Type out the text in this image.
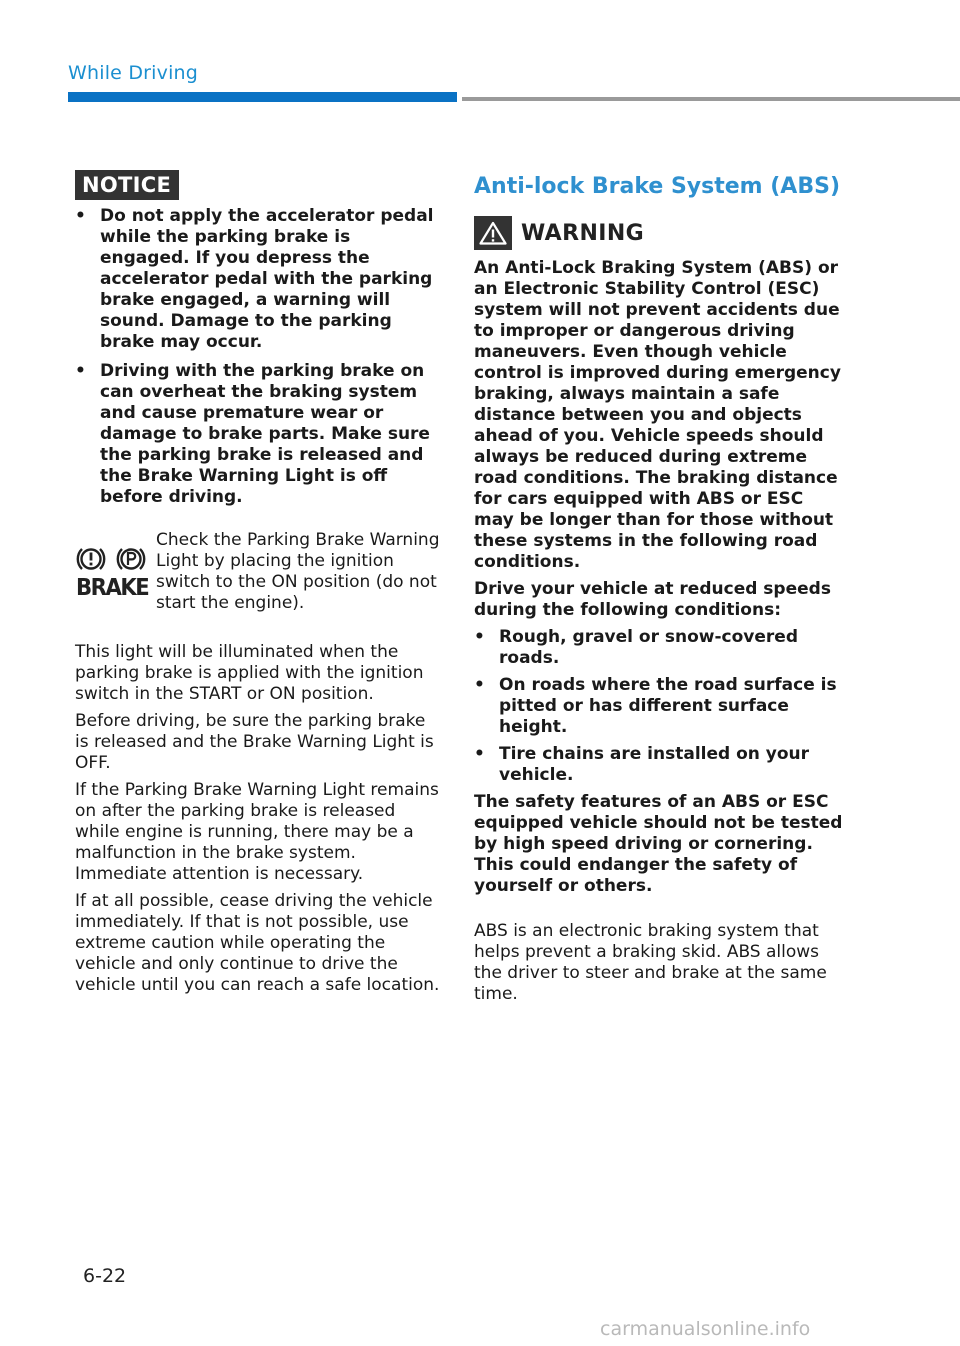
While Driving
NOTICE
• Do not apply the accelerator pedal while the parking brake is engaged. If you depress the accelerator pedal with the parking brake engaged, a warning will sound. Damage to the parking brake may occur.
• Driving with the parking brake on can overheat the braking system and cause premature wear or damage to brake parts. Make sure the parking brake is released and the Brake Warning Light is off before driving.
BRAKE
Check the Parking Brake Warning Light by placing the ignition switch to the ON position (do not start the engine).

This light will be illuminated when the parking brake is applied with the ignition switch in the START or ON position.

Before driving, be sure the parking brake is released and the Brake Warning Light is OFF.

If the Parking Brake Warning Light remains on after the parking brake is released while engine is running, there may be a malfunction in the brake system. Immediate attention is necessary.

If at all possible, cease driving the vehicle immediately. If that is not possible, use extreme caution while operating the vehicle and only continue to drive the vehicle until you can reach a safe location.

Anti-lock Brake System (ABS)
WARNING

An Anti-Lock Braking System (ABS) or an Electronic Stability Control (ESC) system will not prevent accidents due to improper or dangerous driving maneuvers. Even though vehicle control is improved during emergency braking, always maintain a safe distance between you and objects ahead of you. Vehicle speeds should always be reduced during extreme road conditions. The braking distance for cars equipped with ABS or ESC may be longer than for those without these systems in the following road conditions.

Drive your vehicle at reduced speeds during the following conditions:

• Rough, gravel or snow-covered roads.
• On roads where the road surface is pitted or has different surface height.
• Tire chains are installed on your vehicle.

The safety features of an ABS or ESC equipped vehicle should not be tested by high speed driving or cornering. This could endanger the safety of yourself or others.

ABS is an electronic braking system that helps prevent a braking skid. ABS allows the driver to steer and brake at the same time.

6-22
carmanualsonline.info
